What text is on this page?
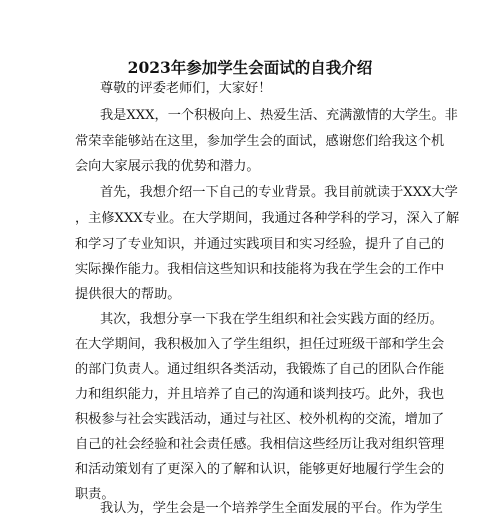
2023年参加学生会面试的自我介绍
尊敬的评委老师们，大家好！
我是XXX，一个积极向上、热爱生活、充满激情的大学生。非
常荣幸能够站在这里，参加学生会的面试，感谢您们给我这个机
会向大家展示我的优势和潜力。
首先，我想介绍一下自己的专业背景。我目前就读于XXX大学
，主修XXX专业。在大学期间，我通过各种学科的学习，深入了解
和学习了专业知识，并通过实践项目和实习经验，提升了自己的
实际操作能力。我相信这些知识和技能将为我在学生会的工作中
提供很大的帮助。
其次，我想分享一下我在学生组织和社会实践方面的经历。
在大学期间，我积极加入了学生组织，担任过班级干部和学生会
的部门负责人。通过组织各类活动，我锻炼了自己的团队合作能
力和组织能力，并且培养了自己的沟通和谈判技巧。此外，我也
积极参与社会实践活动，通过与社区、校外机构的交流，增加了
自己的社会经验和社会责任感。我相信这些经历让我对组织管理
和活动策划有了更深入的了解和认识，能够更好地履行学生会的
职责。
我认为，学生会是一个培养学生全面发展的平台。作为学生
